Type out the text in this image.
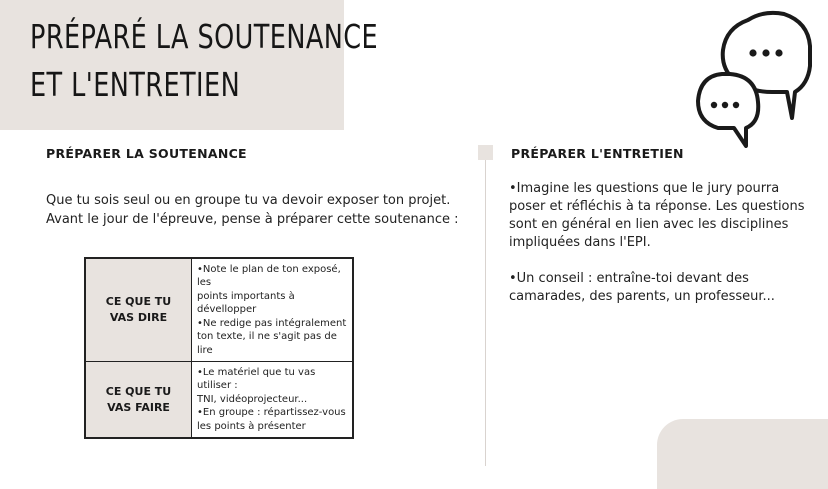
PRÉPARÉ LA SOUTENANCE
ET L'ENTRETIEN
PRÉPARER LA SOUTENANCE
Que tu sois seul ou en groupe tu va devoir exposer ton projet.
Avant le jour de l'épreuve, pense à préparer cette soutenance :
CE QUE TU
VAS DIRE	•Note le plan de ton exposé, les
points importants à
dévellopper
•Ne redige pas intégralement
ton texte, il ne s'agit pas de lire

CE QUE TU
VAS FAIRE	•Le matériel que tu vas utiliser :
TNI, vidéoprojecteur...
•En groupe : répartissez-vous
les points à présenter
PRÉPARER L'ENTRETIEN

•Imagine les questions que le jury pourra poser et réfléchis à ta réponse. Les questions sont en général en lien avec les disciplines impliquées dans l'EPI.

•Un conseil : entraîne-toi devant des camarades, des parents, un professeur...
